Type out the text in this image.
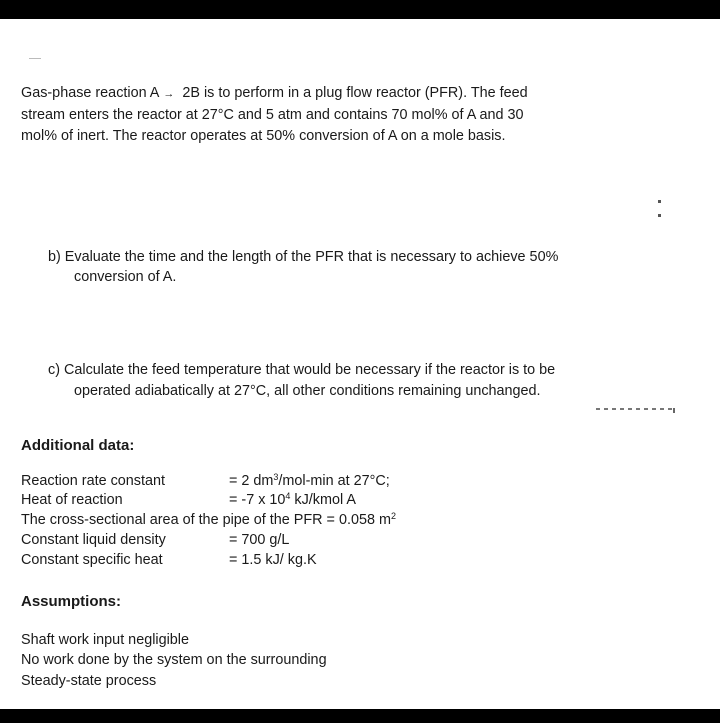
Gas-phase reaction A → 2B is to perform in a plug flow reactor (PFR). The feed
stream enters the reactor at 27°C and 5 atm and contains 70 mol% of A and 30
mol% of inert. The reactor operates at 50% conversion of A on a mole basis.
b) Evaluate the time and the length of the PFR that is necessary to achieve 50%
conversion of A.
c) Calculate the feed temperature that would be necessary if the reactor is to be
operated adiabatically at 27°C, all other conditions remaining unchanged.
Additional data:
Reaction rate constant	= 2 $dm^3/mol-\min$ at 27°C;
Heat of reaction	= -7 x $10^4$ kJ/kmol A
The cross-sectional area of the pipe of the PFR = 0.058 $m^2$
Constant liquid density	= 700 g/L
Constant specific heat	= 1.5 kJ/ kg.K
Assumptions:
Shaft work input negligible
No work done by the system on the surrounding
Steady-state process
